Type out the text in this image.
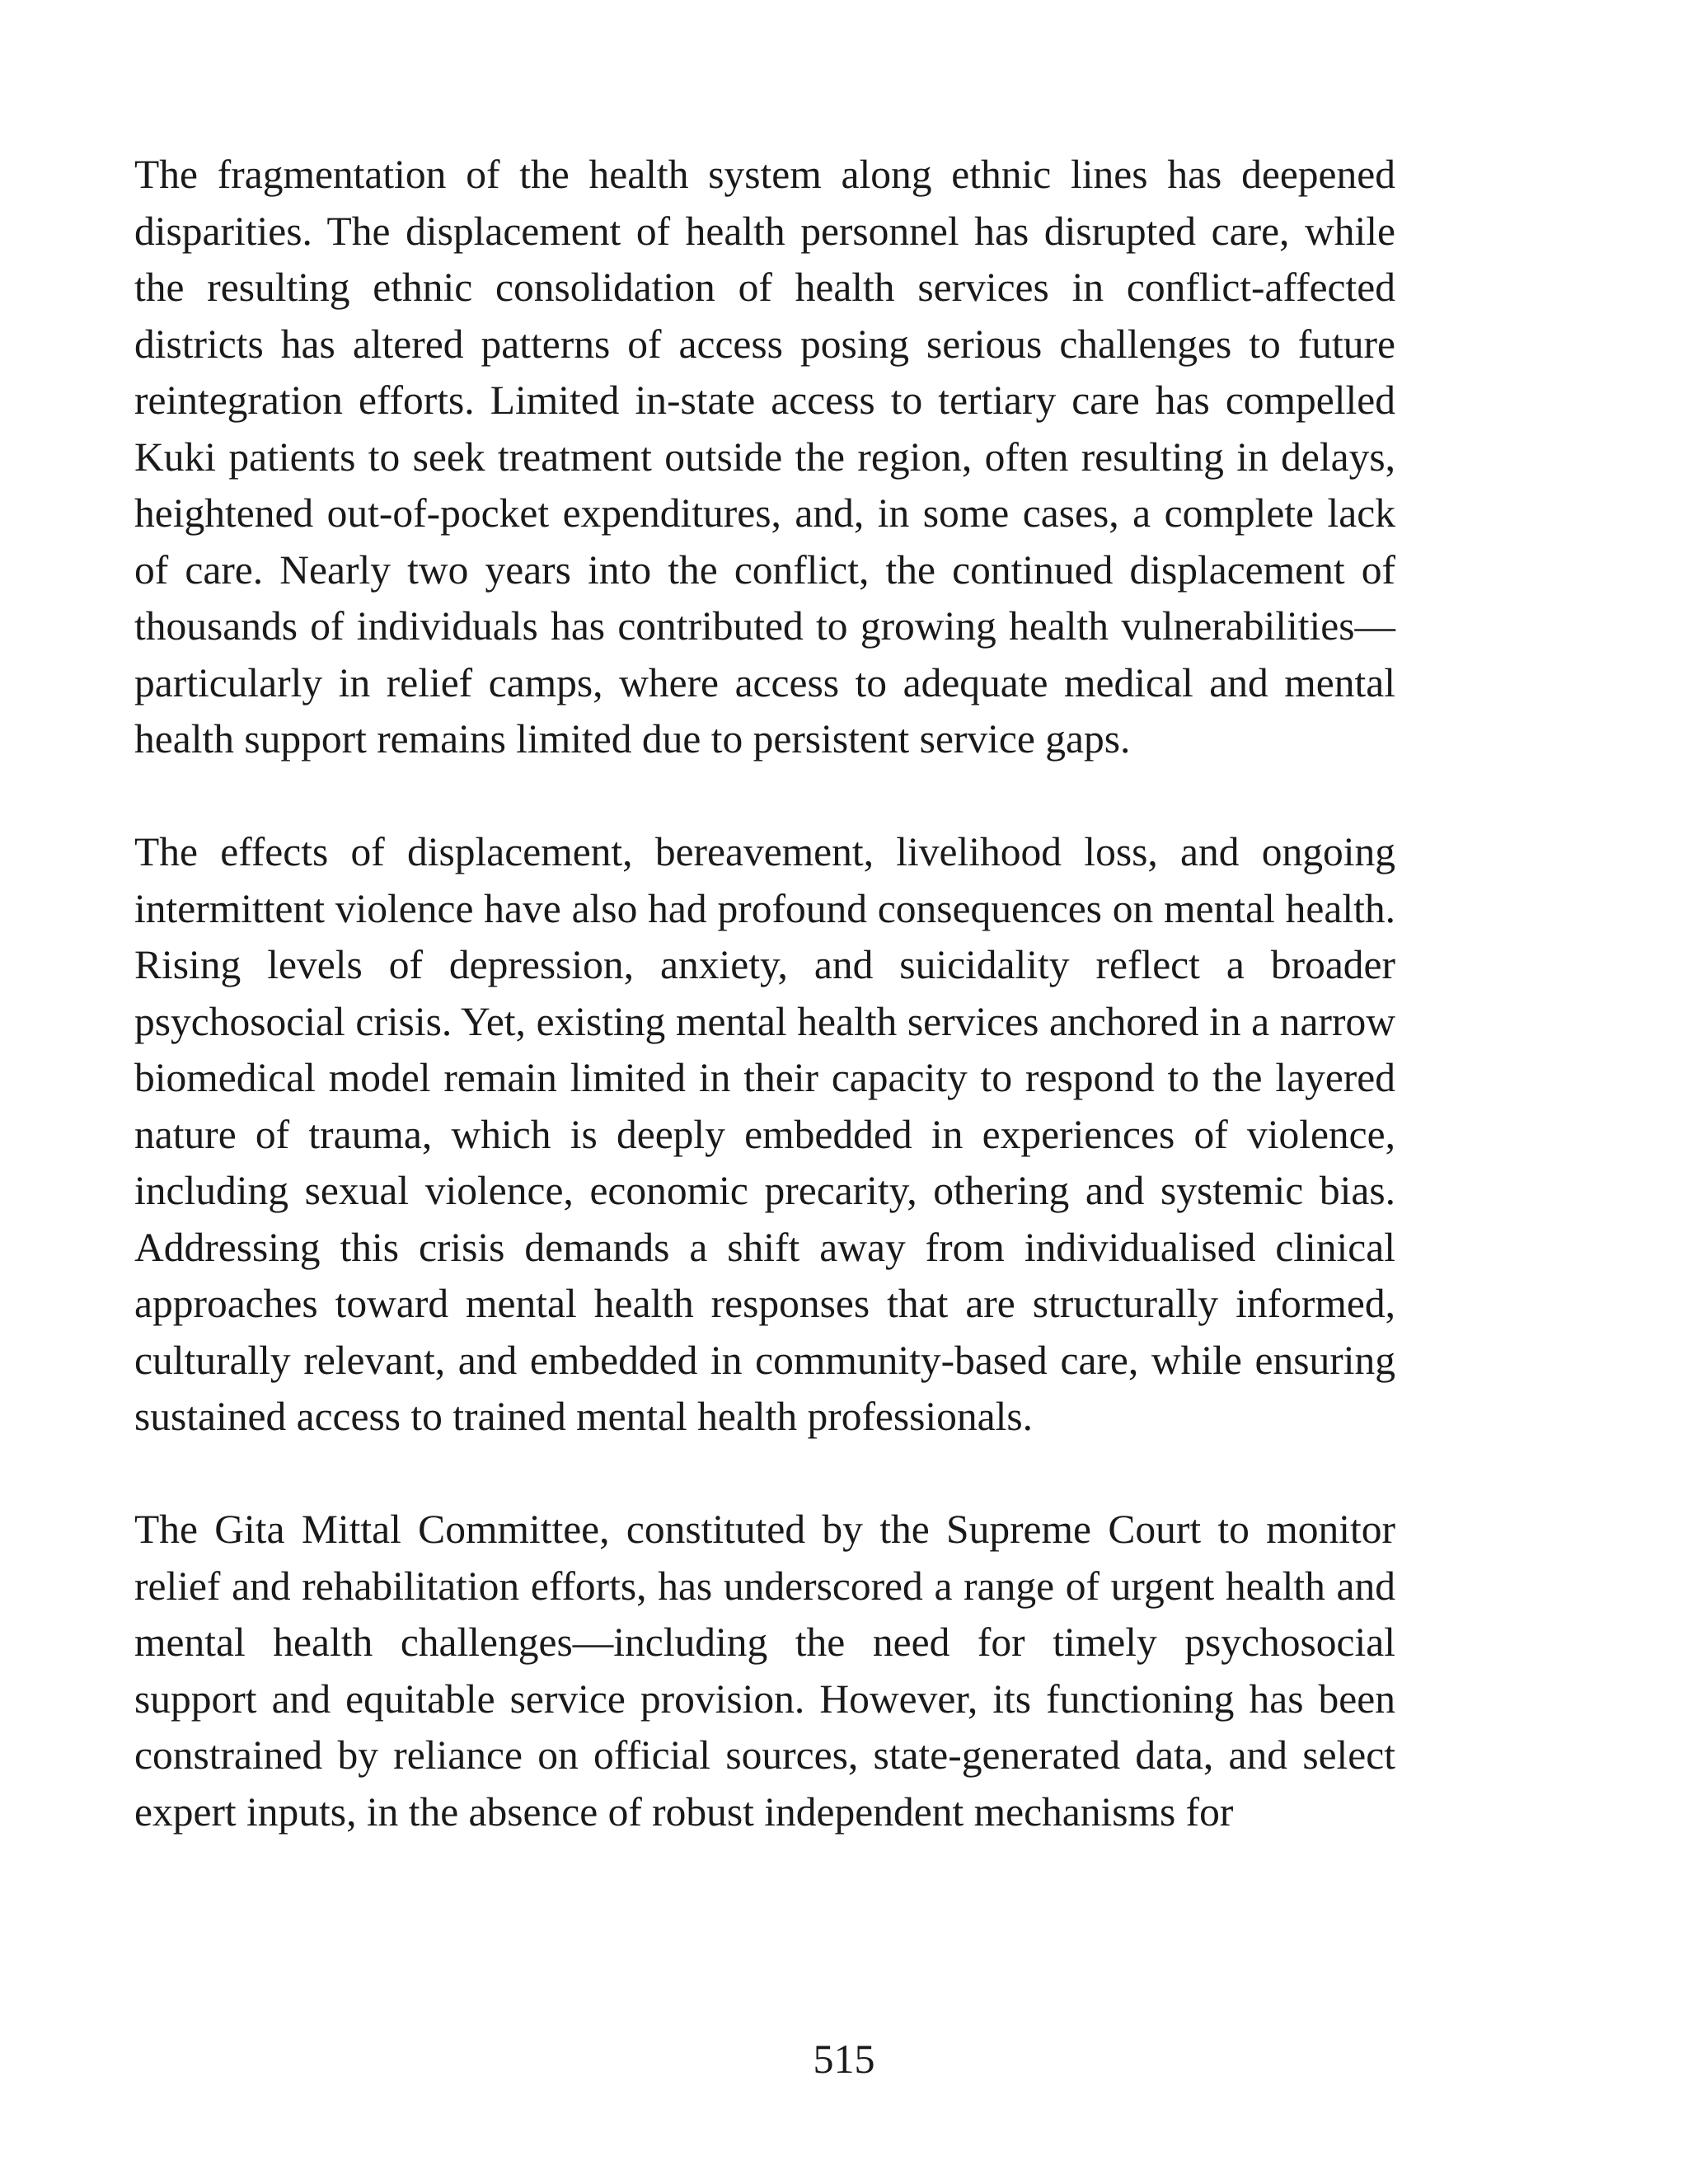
The fragmentation of the health system along ethnic lines has deepened disparities. The displacement of health personnel has disrupted care, while the resulting ethnic consolidation of health services in conflict-affected districts has altered patterns of access posing serious challenges to future reintegration efforts. Limited in-state access to tertiary care has compelled Kuki patients to seek treatment outside the region, often resulting in delays, heightened out-of-pocket expenditures, and, in some cases, a complete lack of care. Nearly two years into the conflict, the continued displacement of thousands of individuals has contributed to growing health vulnerabilities—particularly in relief camps, where access to adequate medical and mental health support remains limited due to persistent service gaps.

The effects of displacement, bereavement, livelihood loss, and ongoing intermittent violence have also had profound consequences on mental health. Rising levels of depression, anxiety, and suicidality reflect a broader psychosocial crisis. Yet, existing mental health services anchored in a narrow biomedical model remain limited in their capacity to respond to the layered nature of trauma, which is deeply embedded in experiences of violence, including sexual violence, economic precarity, othering and systemic bias. Addressing this crisis demands a shift away from individualised clinical approaches toward mental health responses that are structurally informed, culturally relevant, and embedded in community-based care, while ensuring sustained access to trained mental health professionals.

The Gita Mittal Committee, constituted by the Supreme Court to monitor relief and rehabilitation efforts, has underscored a range of urgent health and mental health challenges—including the need for timely psychosocial support and equitable service provision. However, its functioning has been constrained by reliance on official sources, state-generated data, and select expert inputs, in the absence of robust independent mechanisms for

515
